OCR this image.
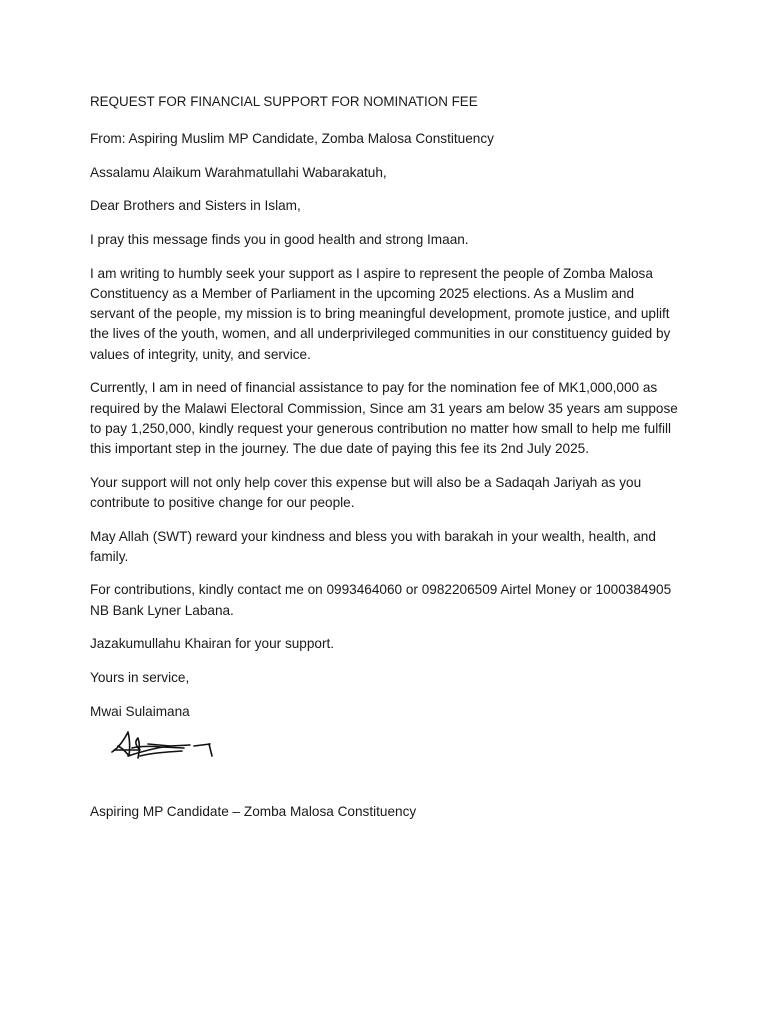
REQUEST FOR FINANCIAL SUPPORT FOR NOMINATION FEE

From: Aspiring Muslim MP Candidate, Zomba Malosa Constituency

Assalamu Alaikum Warahmatullahi Wabarakatuh,

Dear Brothers and Sisters in Islam,

I pray this message finds you in good health and strong Imaan.

I am writing to humbly seek your support as I aspire to represent the people of Zomba Malosa Constituency as a Member of Parliament in the upcoming 2025 elections. As a Muslim and servant of the people, my mission is to bring meaningful development, promote justice, and uplift the lives of the youth, women, and all underprivileged communities in our constituency guided by values of integrity, unity, and service.

Currently, I am in need of financial assistance to pay for the nomination fee of MK1,000,000 as required by the Malawi Electoral Commission, Since am 31 years am below 35 years am suppose to pay 1,250,000, kindly request your generous contribution no matter how small to help me fulfill this important step in the journey. The due date of paying this fee its 2nd July 2025.

Your support will not only help cover this expense but will also be a Sadaqah Jariyah as you contribute to positive change for our people.

May Allah (SWT) reward your kindness and bless you with barakah in your wealth, health, and family.

For contributions, kindly contact me on 0993464060 or 0982206509 Airtel Money or 1000384905 NB Bank Lyner Labana.

Jazakumullahu Khairan for your support.

Yours in service,

Mwai Sulaimana

Aspiring MP Candidate – Zomba Malosa Constituency
